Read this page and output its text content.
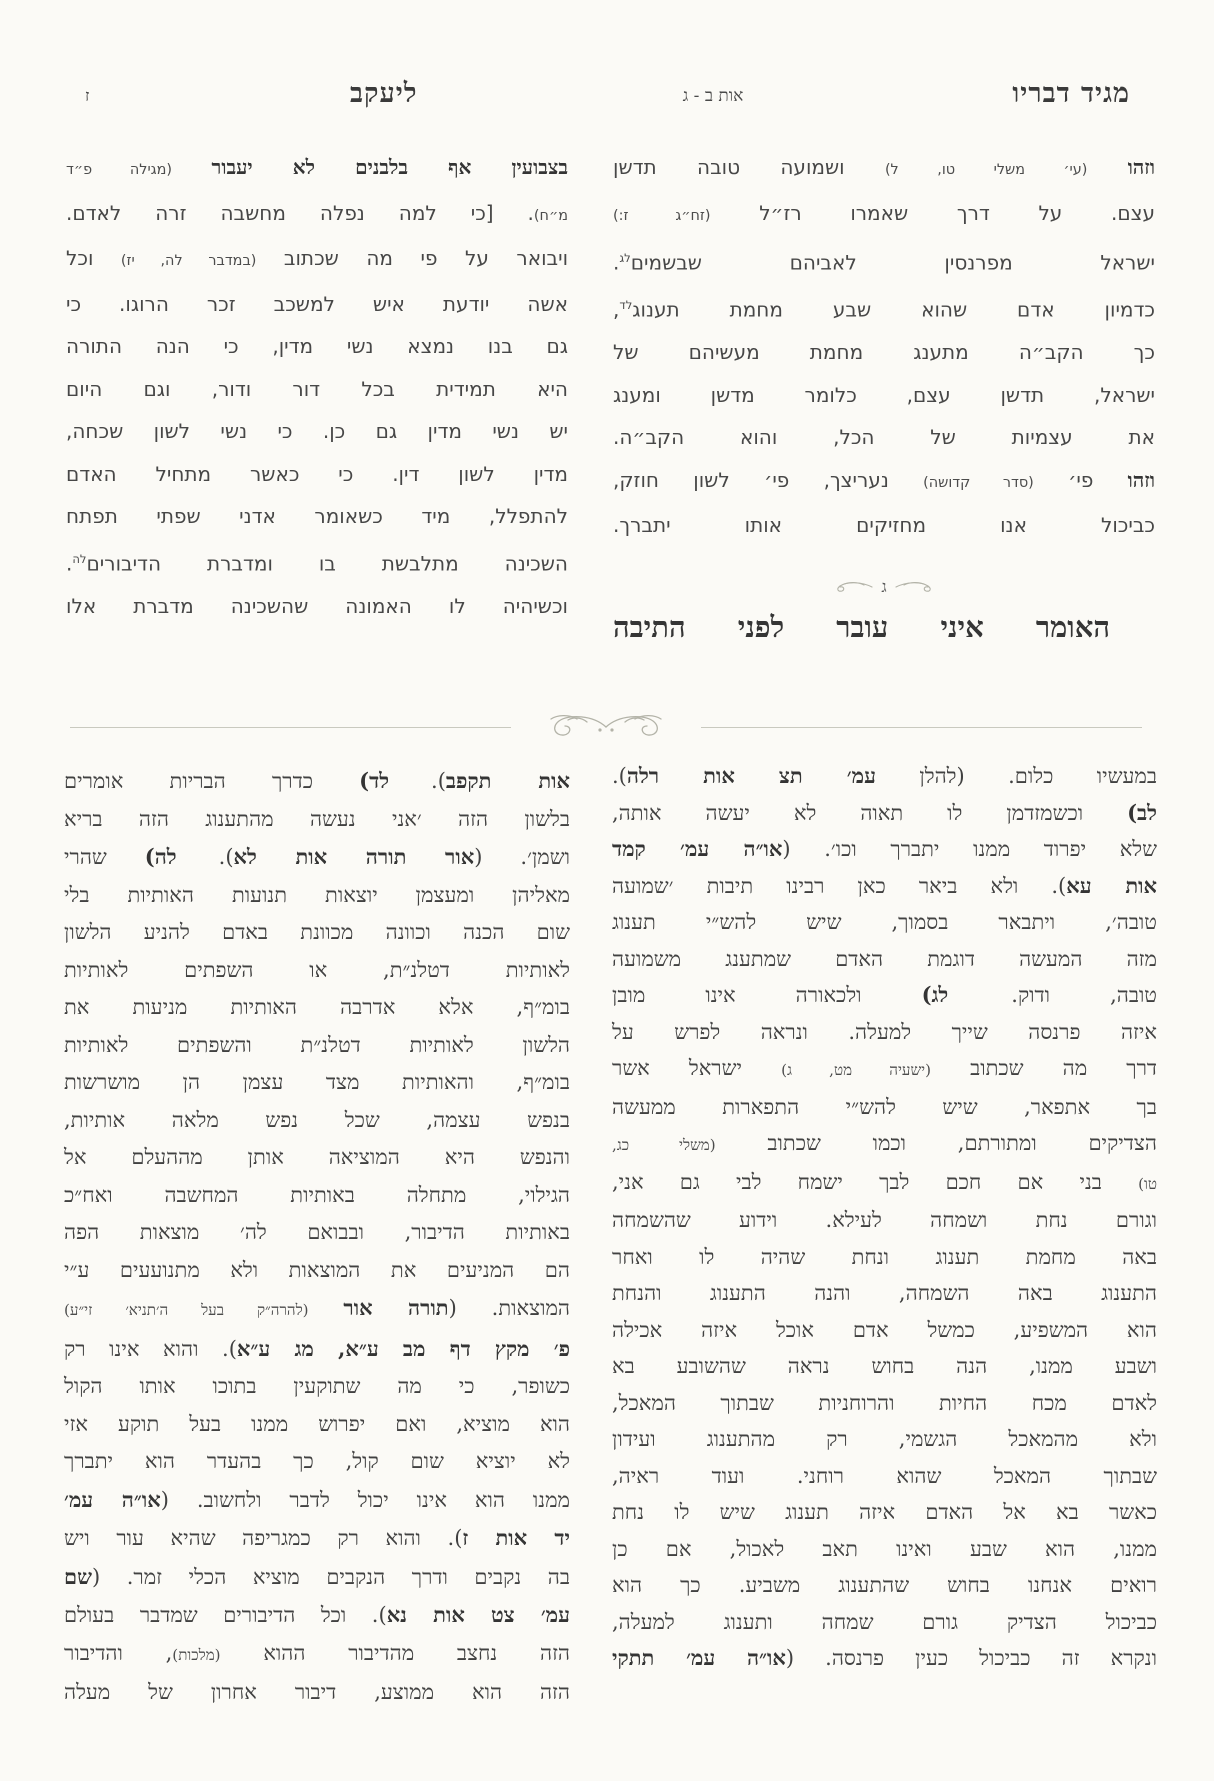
מגיד דבריו
אות ב - ג
ליעקב
ז
וזהו (עי׳ משלי טו, ל) ושמועה טובה תדשן
עצם. על דרך שאמרו רז״ל (זח״ג ז:)
ישראל מפרנסין לאביהם שבשמים$^{לג}$.
כדמיון אדם שהוא שבע מחמת תענוג$^{לד}$,
כך הקב״ה מתענג מחמת מעשיהם של
ישראל, תדשן עצם, כלומר מדשן ומענג
את עצמיות של הכל, והוא הקב״ה.
וזהו פי׳ (סדר קדושה) נעריצך, פי׳ לשון חוזק,
כביכול אנו מחזיקים אותו יתברך.
בצבועין אף בלבנים לא יעבור (מגילה פ״ד
מ״ח). [כי למה נפלה מחשבה זרה לאדם.
ויבואר על פי מה שכתוב (במדבר לה, יז) וכל
אשה יודעת איש למשכב זכר הרוגו. כי
גם בנו נמצא נשי מדין, כי הנה התורה
היא תמידית בכל דור ודור, וגם היום
יש נשי מדין גם כן. כי נשי לשון שכחה,
מדין לשון דין. כי כאשר מתחיל האדם
להתפלל, מיד כשאומר אדני שפתי תפתח
השכינה מתלבשת בו ומדברת הדיבורים$^{לה}$.
וכשיהיה לו האמונה שהשכינה מדברת אלו
ג
האומר איני עובר לפני התיבה
במעשיו כלום. (להלן עמ׳ תצ אות רלה).
לב) וכשמזדמן לו תאוה לא יעשה אותה,
שלא יפרוד ממנו יתברך וכו׳. (או״ה עמ׳ קמד
אות עא). ולא ביאר כאן רבינו תיבות ׳שמועה
טובה׳, ויתבאר בסמוך, שיש להש״י תענוג
מזה המעשה דוגמת האדם שמתענג משמועה
טובה, ודוק.   לג) ולכאורה אינו מובן
איזה פרנסה שייך למעלה. ונראה לפרש על
דרך מה שכתוב (ישעיה מט, ג) ישראל אשר
בך אתפאר, שיש להש״י התפארות ממעשה
הצדיקים ומתורתם, וכמו שכתוב (משלי כג,
טו) בני אם חכם לבך ישמח לבי גם אני,
וגורם נחת ושמחה לעילא. וידוע שהשמחה
באה מחמת תענוג ונחת שהיה לו ואחר
התענוג באה השמחה, והנה התענוג והנחת
הוא המשפיע, כמשל אדם אוכל איזה אכילה
ושבע ממנו, הנה בחוש נראה שהשובע בא
לאדם מכח החיות והרוחניות שבתוך המאכל,
ולא מהמאכל הגשמי, רק מהתענוג ועידון
שבתוך המאכל שהוא רוחני. ועוד ראיה,
כאשר בא אל האדם איזה תענוג שיש לו נחת
ממנו, הוא שבע ואינו תאב לאכול, אם כן
רואים אנחנו בחוש שהתענוג משביע. כך הוא
כביכול הצדיק גורם שמחה ותענוג למעלה,
ונקרא זה כביכול כעין פרנסה. (או״ה עמ׳ תתקי
אות תקפב).  לד) כדרך הבריות אומרים
בלשון הזה ׳אני נעשה מהתענוג הזה בריא
ושמן׳. (אור תורה אות לא).  לה) שהרי
מאליהן ומעצמן יוצאות תנועות האותיות בלי
שום הכנה וכוונה מכוונת באדם להניע הלשון
לאותיות דטלנ״ת, או השפתים לאותיות
בומ״ף, אלא אדרבה האותיות מניעות את
הלשון לאותיות דטלנ״ת והשפתים לאותיות
בומ״ף, והאותיות מצד עצמן הן מושרשות
בנפש עצמה, שכל נפש מלאה אותיות,
והנפש היא המוציאה אותן מההעלם אל
הגילוי, מתחלה באותיות המחשבה ואח״כ
באותיות הדיבור, ובבואם לה׳ מוצאות הפה
הם המניעים את המוצאות ולא מתנועעים ע״י
המוצאות. (תורה אור (להרה״ק בעל ה׳תניא׳ זי״ע)
פ׳ מקץ דף מב ע״א, מג ע״א). והוא אינו רק
כשופר, כי מה שתוקעין בתוכו אותו הקול
הוא מוציא, ואם יפרוש ממנו בעל תוקע אזי
לא יוציא שום קול, כך בהעדר הוא יתברך
ממנו הוא אינו יכול לדבר ולחשוב. (או״ה עמ׳
יד אות ז). והוא רק כמגריפה שהיא עור ויש
בה נקבים ודרך הנקבים מוציא הכלי זמר. (שם
עמ׳ צט אות נא). וכל הדיבורים שמדבר בעולם
הזה נחצב מהדיבור ההוא (מלכות), והדיבור
הזה הוא ממוצע, דיבור אחרון של מעלה
